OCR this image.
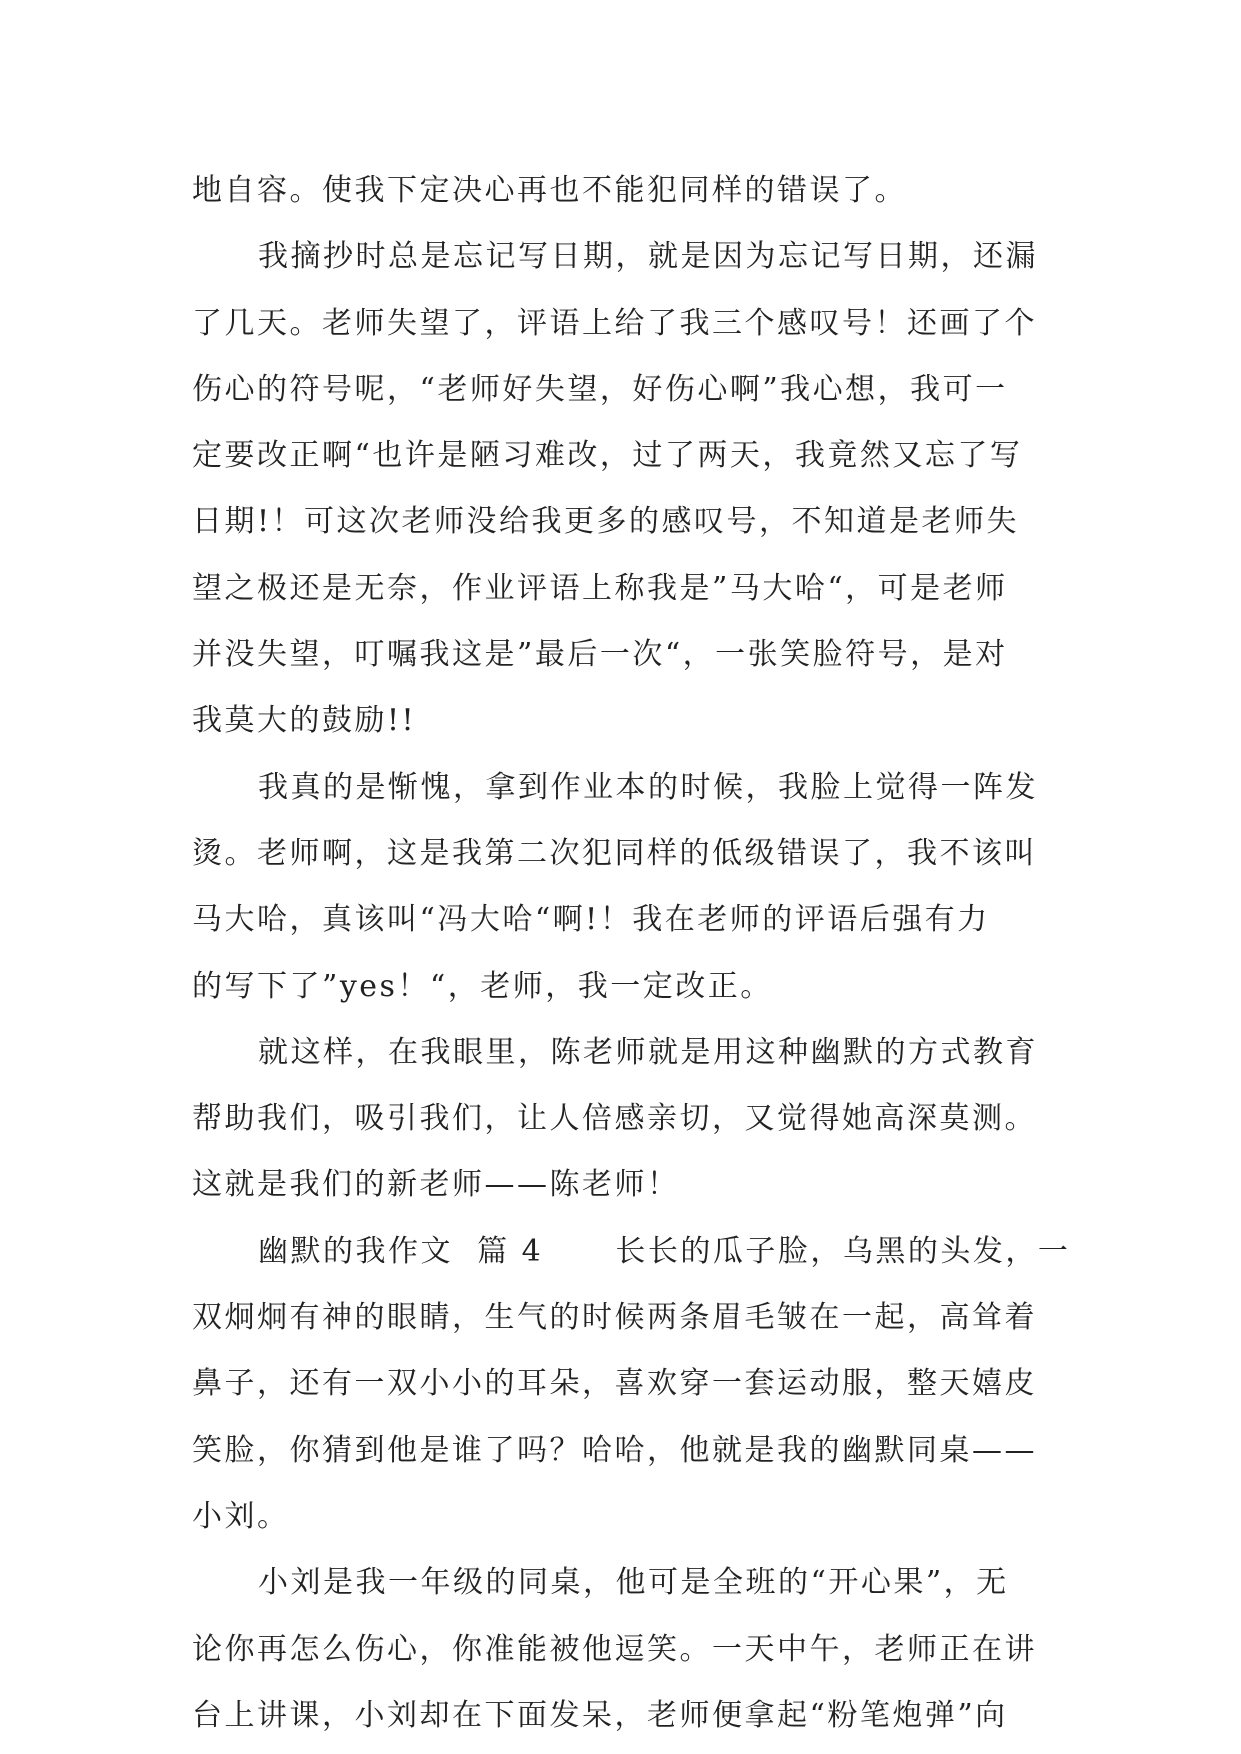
地自容。使我下定决心再也不能犯同样的错误了。
我摘抄时总是忘记写日期，就是因为忘记写日期，还漏
了几天。老师失望了，评语上给了我三个感叹号！还画了个
伤心的符号呢，“老师好失望，好伤心啊”我心想，我可一
定要改正啊“也许是陋习难改，过了两天，我竟然又忘了写
日期!！可这次老师没给我更多的感叹号，不知道是老师失
望之极还是无奈，作业评语上称我是”马大哈“，可是老师
并没失望，叮嘱我这是”最后一次“，一张笑脸符号，是对
我莫大的鼓励!!
我真的是惭愧，拿到作业本的时候，我脸上觉得一阵发
烫。老师啊，这是我第二次犯同样的低级错误了，我不该叫
马大哈，真该叫“冯大哈“啊!！我在老师的评语后强有力
的写下了”yes！“，老师，我一定改正。
就这样，在我眼里，陈老师就是用这种幽默的方式教育
帮助我们，吸引我们，让人倍感亲切，又觉得她高深莫测。
这就是我们的新老师——陈老师！
幽默的我作文  篇 4      长长的瓜子脸，乌黑的头发，一
双炯炯有神的眼睛，生气的时候两条眉毛皱在一起，高耸着
鼻子，还有一双小小的耳朵，喜欢穿一套运动服，整天嬉皮
笑脸，你猜到他是谁了吗？哈哈，他就是我的幽默同桌——
小刘。
小刘是我一年级的同桌，他可是全班的“开心果”，无
论你再怎么伤心，你准能被他逗笑。一天中午，老师正在讲
台上讲课，小刘却在下面发呆，老师便拿起“粉笔炮弹”向
